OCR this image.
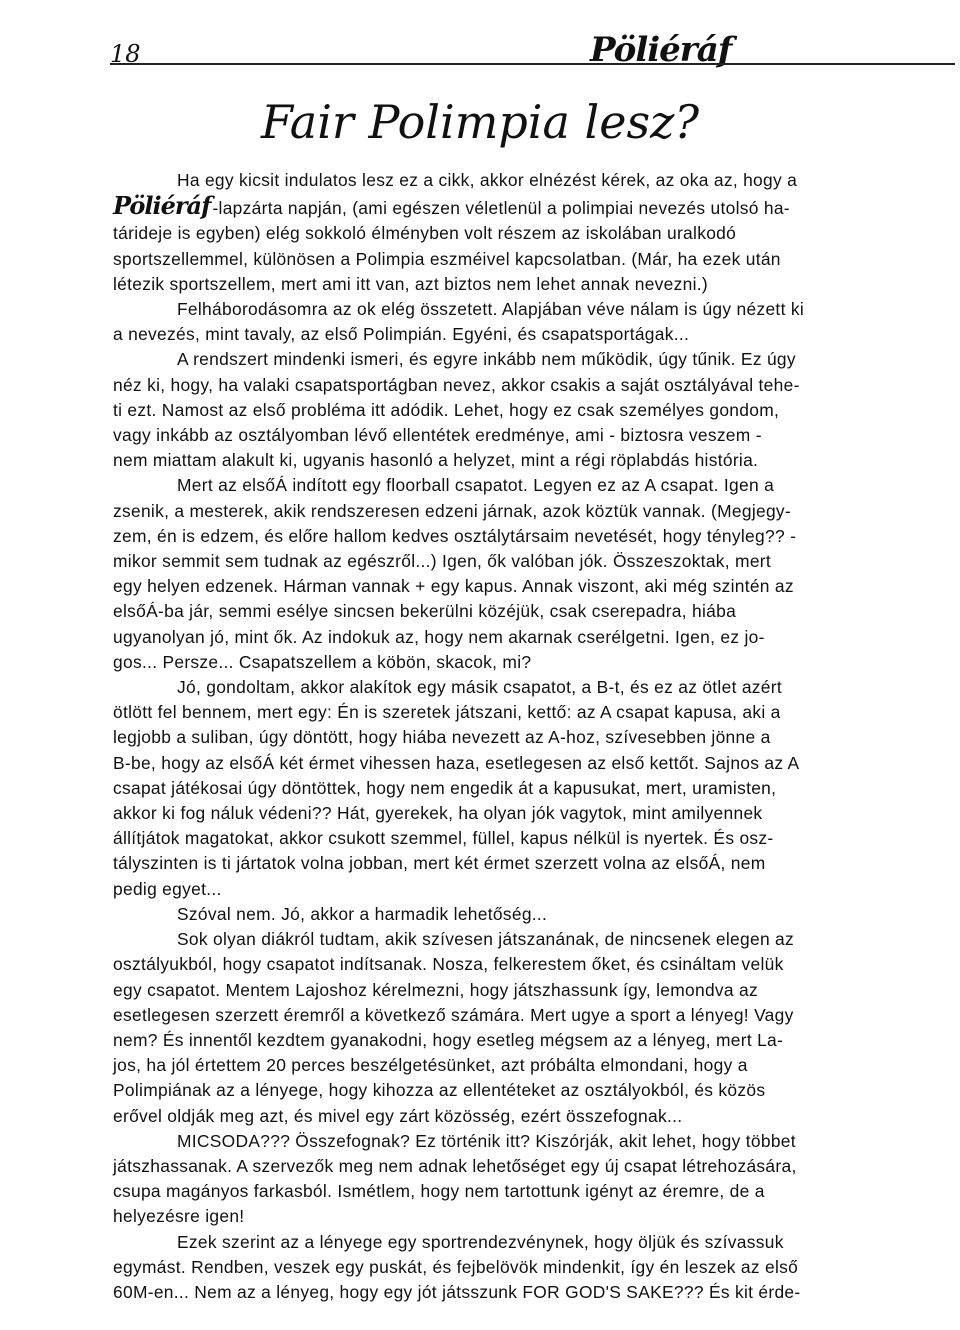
18	Pöliéráf
Fair Polimpia lesz?
Ha egy kicsit indulatos lesz ez a cikk, akkor elnézést kérek, az oka az, hogy a
Pöliéráf -lapzárta napján, (ami egészen véletlenül a polimpiai nevezés utolsó ha-
tárideje is egyben) elég sokkoló élményben volt részem az iskolában uralkodó
sportszellemmel, különösen a Polimpia eszméivel kapcsolatban. (Már, ha ezek után
létezik sportszellem, mert ami itt van, azt biztos nem lehet annak nevezni.)
Felháborodásomra az ok elég összetett. Alapjában véve nálam is úgy nézett ki
a nevezés, mint tavaly, az első Polimpián. Egyéni, és csapatsportágak...
A rendszert mindenki ismeri, és egyre inkább nem működik, úgy tűnik. Ez úgy
néz ki, hogy, ha valaki csapatsportágban nevez, akkor csakis a saját osztályával tehe-
ti ezt. Namost az első probléma itt adódik. Lehet, hogy ez csak személyes gondom,
vagy inkább az osztályomban lévő ellentétek eredménye, ami - biztosra veszem -
nem miattam alakult ki, ugyanis hasonló a helyzet, mint a régi röplabdás história.
Mert az elsőÁ indított egy floorball csapatot. Legyen ez az A csapat. Igen a
zsenik, a mesterek, akik rendszeresen edzeni járnak, azok köztük vannak. (Megjegy-
zem, én is edzem, és előre hallom kedves osztálytársaim nevetését, hogy tényleg?? -
mikor semmit sem tudnak az egészről...) Igen, ők valóban jók. Összeszoktak, mert
egy helyen edzenek. Hárman vannak + egy kapus. Annak viszont, aki még szintén az
elsőÁ-ba jár, semmi esélye sincsen bekerülni közéjük, csak cserepadra, hiába
ugyanolyan jó, mint ők. Az indokuk az, hogy nem akarnak cserélgetni. Igen, ez jo-
gos... Persze... Csapatszellem a köbön, skacok, mi?
Jó, gondoltam, akkor alakítok egy másik csapatot, a B-t, és ez az ötlet azért
ötlött fel bennem, mert egy: Én is szeretek játszani, kettő: az A csapat kapusa, aki a
legjobb a suliban, úgy döntött, hogy hiába nevezett az A-hoz, szívesebben jönne a
B-be, hogy az elsőÁ két érmet vihessen haza, esetlegesen az első kettőt. Sajnos az A
csapat játékosai úgy döntöttek, hogy nem engedik át a kapusukat, mert, uramisten,
akkor ki fog náluk védeni?? Hát, gyerekek, ha olyan jók vagytok, mint amilyennek
állítjátok magatokat, akkor csukott szemmel, füllel, kapus nélkül is nyertek. És osz-
tályszinten is ti jártatok volna jobban, mert két érmet szerzett volna az elsőÁ, nem
pedig egyet...
Szóval nem. Jó, akkor a harmadik lehetőség...
Sok olyan diákról tudtam, akik szívesen játszanának, de nincsenek elegen az
osztályukból, hogy csapatot indítsanak. Nosza, felkerestem őket, és csináltam velük
egy csapatot. Mentem Lajoshoz kérelmezni, hogy játszhassunk így, lemondva az
esetlegesen szerzett éremről a következő számára. Mert ugye a sport a lényeg! Vagy
nem? És innentől kezdtem gyanakodni, hogy esetleg mégsem az a lényeg, mert La-
jos, ha jól értettem 20 perces beszélgetésünket, azt próbálta elmondani, hogy a
Polimpiának az a lényege, hogy kihozza az ellentéteket az osztályokból, és közös
erővel oldják meg azt, és mivel egy zárt közösség, ezért összefognak...
MICSODA??? Összefognak? Ez történik itt? Kiszórják, akit lehet, hogy többet
játszhassanak. A szervezők meg nem adnak lehetőséget egy új csapat létrehozására,
csupa magányos farkasból. Ismétlem, hogy nem tartottunk igényt az éremre, de a
helyezésre igen!
Ezek szerint az a lényege egy sportrendezvénynek, hogy öljük és szívassuk
egymást. Rendben, veszek egy puskát, és fejbelövök mindenkit, így én leszek az első
60M-en... Nem az a lényeg, hogy egy jót játsszunk FOR GOD'S SAKE??? És kit érde-
